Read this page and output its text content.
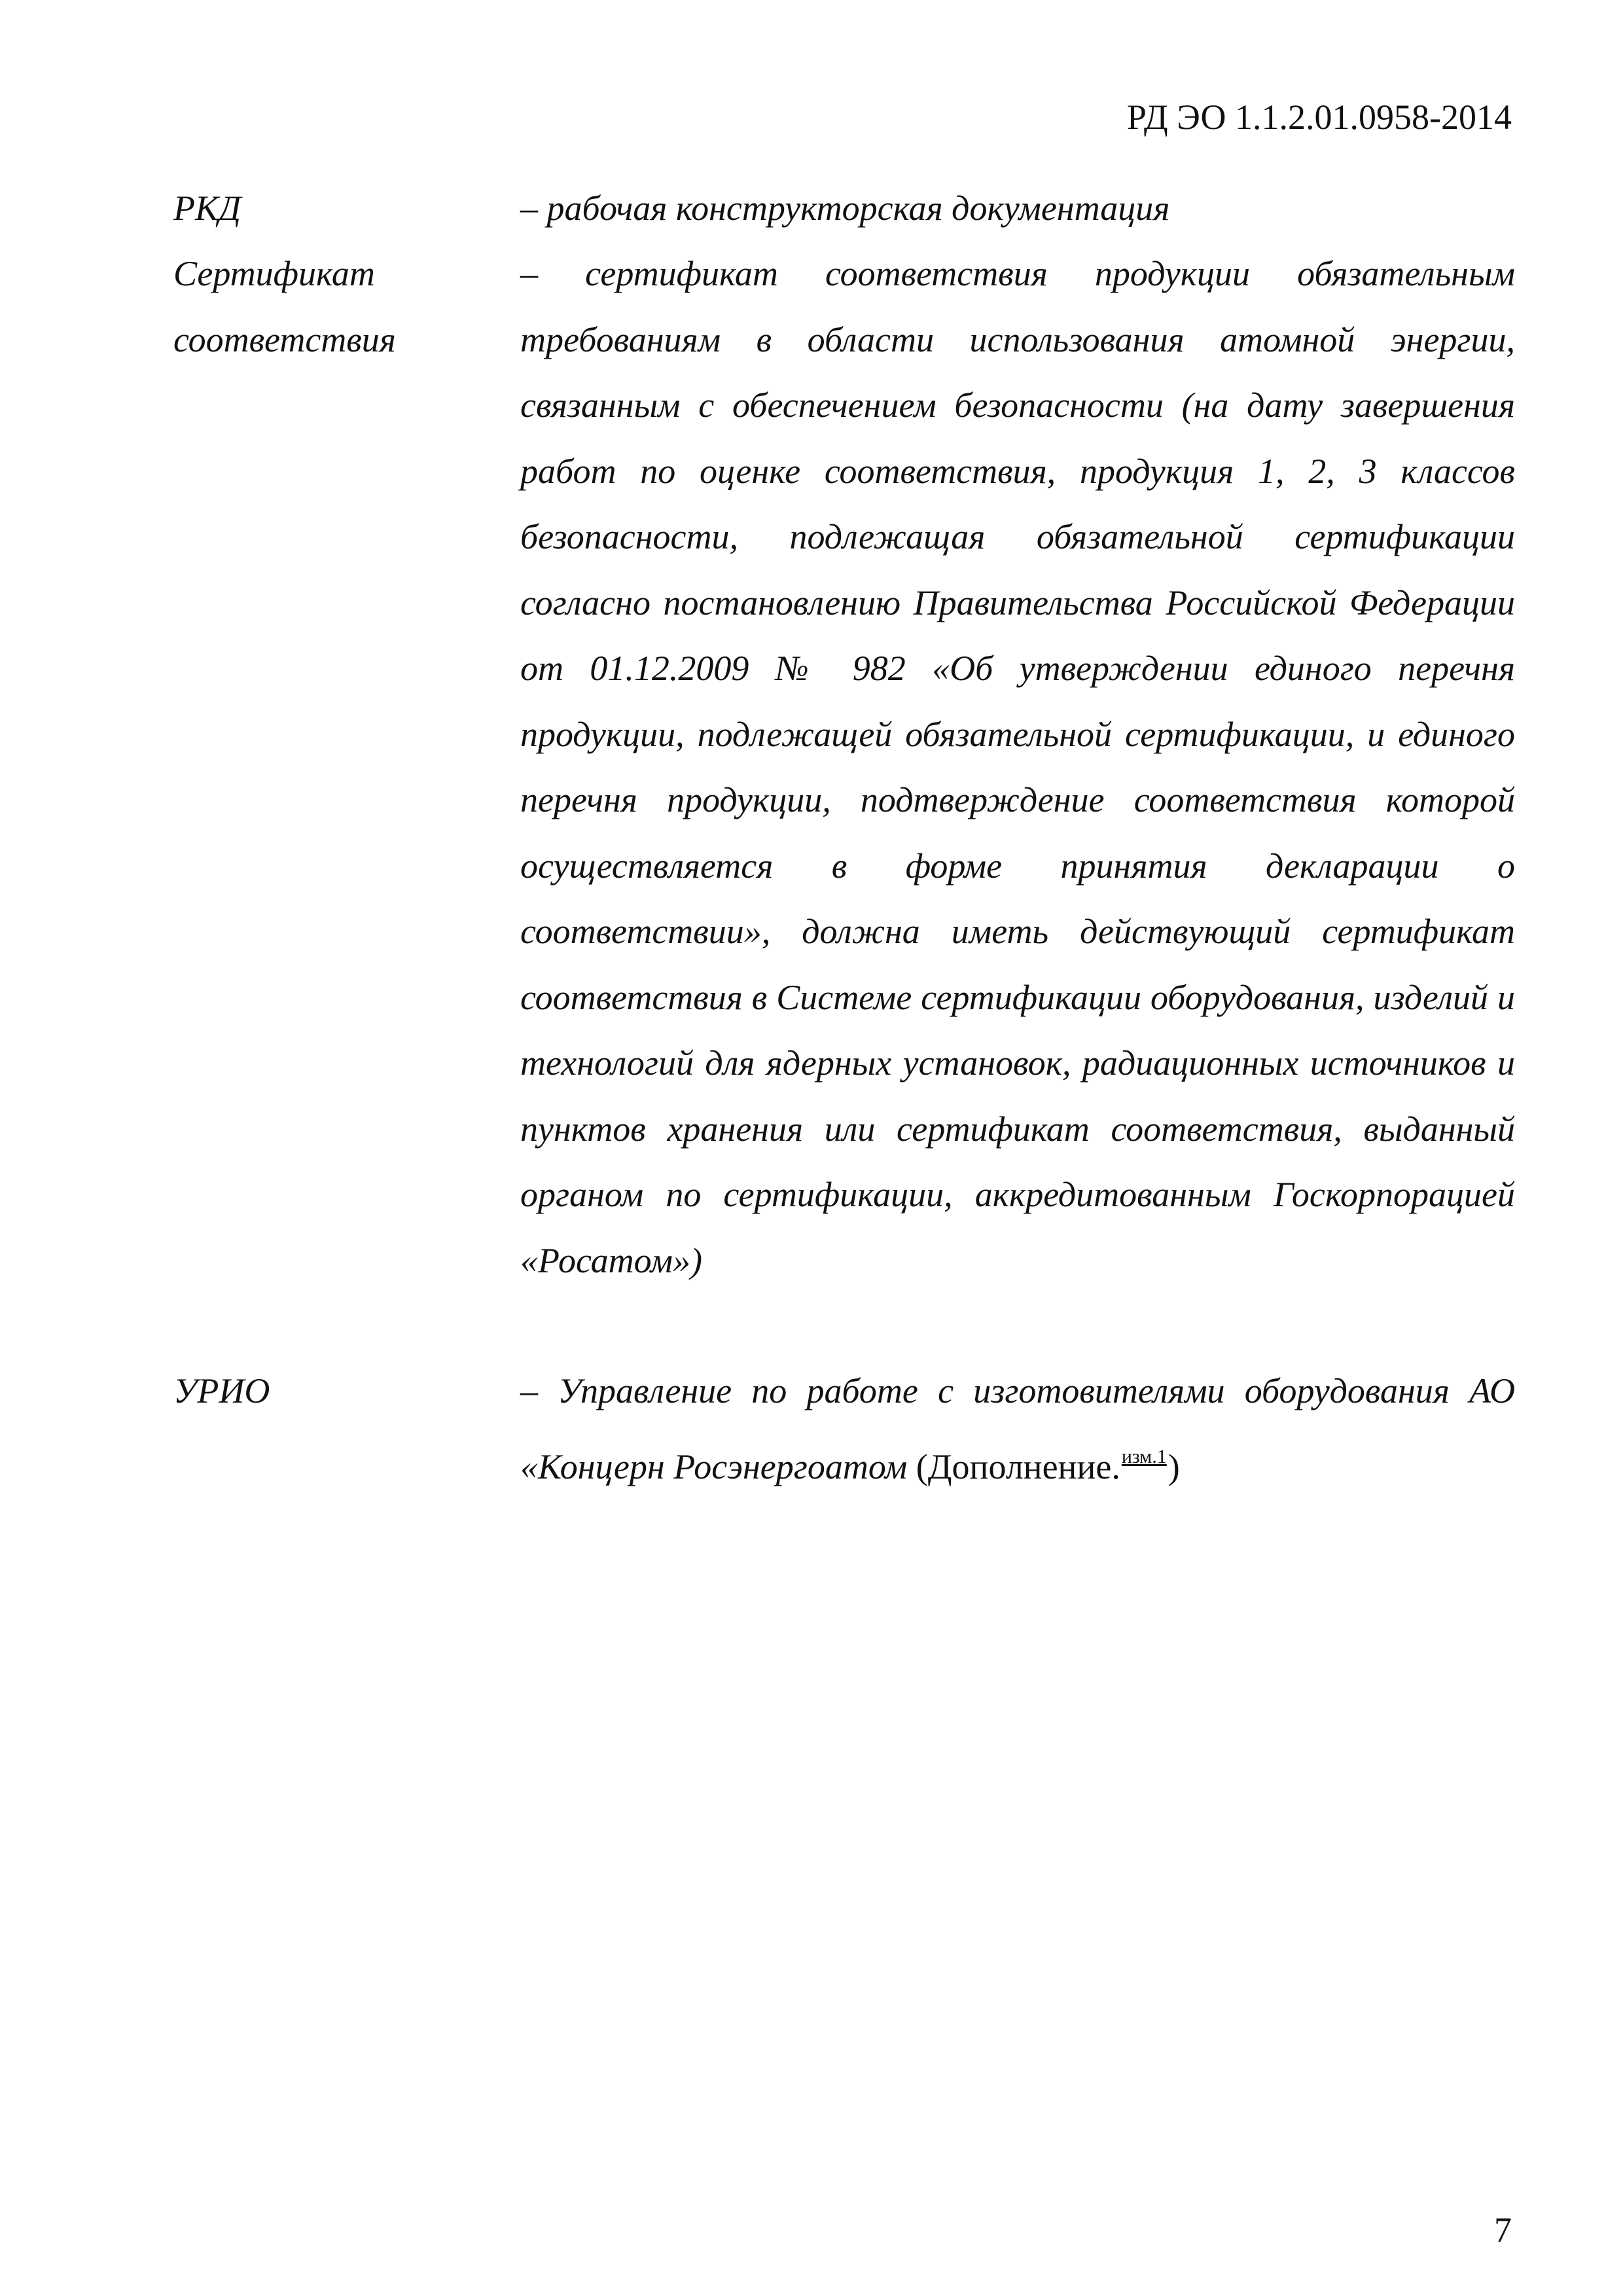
РД ЭО 1.1.2.01.0958-2014
РКД	– рабочая конструкторская документация
Сертификат
соответствия
– сертификат соответствия продукции обязательным требованиям в области использования атомной энергии, связанным с обеспечением безопасности (на дату завершения работ по оценке соответствия, продукция 1, 2, 3 классов безопасности, подлежащая обязательной сертификации согласно постановлению Правительства Российской Федерации от 01.12.2009 № 982 «Об утверждении единого перечня продукции, подлежащей обязательной сертификации, и единого перечня продукции, подтверждение соответствия которой осуществляется в форме принятия декларации о соответствии», должна иметь действующий сертификат соответствия в Системе сертификации оборудования, изделий и технологий для ядерных установок, радиационных источников и пунктов хранения или сертификат соответствия, выданный органом по сертификации, аккредитованным Госкорпорацией «Росатом»)
УРИО	– Управление по работе с изготовителями оборудования АО «Концерн Росэнергоатом (Дополнение.$^{изм.1}$)
7
